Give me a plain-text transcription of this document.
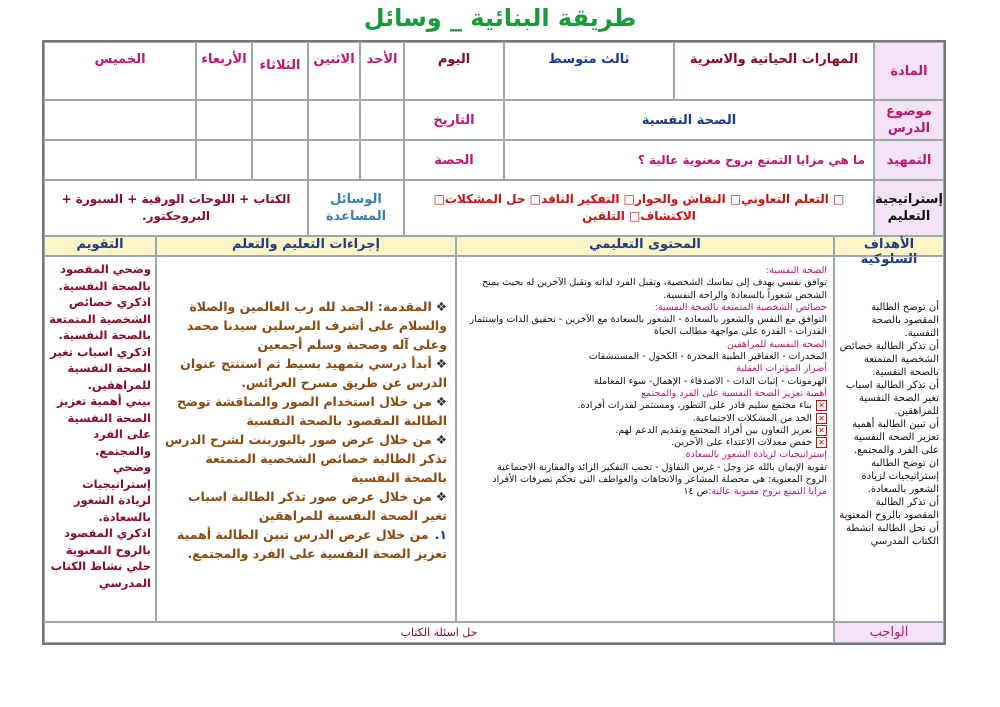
طريقة البنائية _ وسائل
المادة
المهارات الحياتية والاسرية
ثالث متوسط
اليوم
الأحد
الاثنين
الثلاثاء
الأربعاء
الخميس
موضوع الدرس
الصحة النفسية
التاريخ
التمهيد
ما هي مزايا التمتع بروح معنوية عالية ؟
الحصة
إستراتيجية التعليم
□ التعلم التعاوني□ النقاش والحوار□ التفكير الناقد□ حل المشكلات□ الاكتشاف□ التلقين
الوسائل المساعدة
الكتاب + اللوحات الورقية + السبورة + البروجكتور.
الأهداف السلوكية
المحتوى التعليمي
إجراءات التعليم والتعلم
التقويم
أن توضح الطالبة المقصود بالصحة النفسية.
أن تذكر الطالبة خصائص الشخصية المتمتعة بالصحة النفسية.
أن تذكر الطالبة اسباب تغير الصحة النفسية للمراهقين.
أن تبين الطالبة أهمية تعزيز الصحة النفسية على الفرد والمجتمع.
ان توضح الطالبة إستراتيجيات لزيادة الشعور بالسعادة.
أن تذكر الطالبة المقصود بالروح المعنوية
أن تحل الطالبة انشطة الكتاب المدرسي
الصحة النفسية:
توافق نفسي يهدف إلى تماسك الشخصية، وتقبل الفرد لذاته وتقبل الآخرين له بحيث يمنح الشخص شعوراً بالسعادة والراحة النفسية.
خصائص الشخصية المتمتعة بالصحة النفسية:
التوافق مع النفس والشعور بالسعادة - الشعور بالسعادة مع الآخرين - تحقيق الذات واستثمار القدرات - القدرة على مواجهة مطالب الحياة
الصحة النفسية للمراهقين
المخدرات - العقاقير الطبية المخدرة - الكحول - المستنشقات
أضرار المؤثرات العقلية
الهرمونات - إثبات الذات - الاصدقاء - الإهمال- سوء المعاملة
أهمية تعزيز الصحة النفسية على الفرد والمجتمع
✕بناء مجتمع سليم قادر على التطور، ومستثمر لقدرات أفراده.
✕الحد من المشكلات الاجتماعية.
✕تعزيز التعاون بين أفراد المجتمع وتقديم الدعم لهم.
✕خفض معدلات الاعتداء على الآخرين.
إستراتيجيات لزيادة الشعور بالسعادة
تقوية الإيمان بالله عز وجل - غرس التفاؤل - تجنب التفكير الزائد والمقارنة الاجتماعية
الروح المعنوية: هي محصلة المشاعر والاتجاهات والعواطف التي تحكم تصرفات الأفراد
مزايا التمتع بروح معنوية عالية:ص ١٤
❖المقدمة: الحمد لله رب العالمين والصلاة والسلام على أشرف المرسلين سيدنا محمد وعلى آله وصحبة وسلم أجمعين
❖أبدأ درسي بتمهيد بسيط ثم استنتج عنوان الدرس عن طريق مسرح العرائس.
❖من خلال استخدام الصور والمناقشة توضح الطالبة المقصود بالصحة النفسية
❖من خلال عرض صور بالبوربنت لشرح الدرس تذكر الطالبة خصائص الشخصية المتمتعة بالصحة النفسية
❖من خلال عرض صور تذكر الطالبة اسباب تغير الصحة النفسية للمراهقين
١.من خلال عرض الدرس تبين الطالبة أهمية تعزيز الصحة النفسية على الفرد والمجتمع.
وضحي المقصود بالصحة النفسية.
اذكري خصائص الشخصية المتمتعة بالصحة النفسية.
اذكري اسباب تغير الصحة النفسية للمراهقين.
بيني أهمية تعزيز الصحة النفسية على الفرد والمجتمع.
وضحي إستراتيجيات لزيادة الشعور بالسعادة.
اذكري المقصود بالروح المعنوية
حلي نشاط الكتاب المدرسي
الواجب
حل اسئلة الكتاب
